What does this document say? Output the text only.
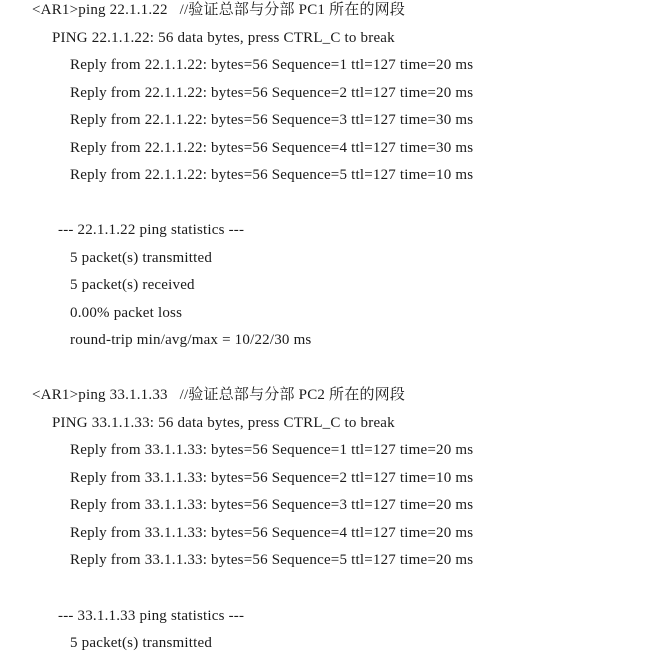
<AR1>ping 22.1.1.22   //验证总部与分部 PC1 所在的网段
PING 22.1.1.22: 56 data bytes, press CTRL_C to break
Reply from 22.1.1.22: bytes=56 Sequence=1 ttl=127 time=20 ms
Reply from 22.1.1.22: bytes=56 Sequence=2 ttl=127 time=20 ms
Reply from 22.1.1.22: bytes=56 Sequence=3 ttl=127 time=30 ms
Reply from 22.1.1.22: bytes=56 Sequence=4 ttl=127 time=30 ms
Reply from 22.1.1.22: bytes=56 Sequence=5 ttl=127 time=10 ms
--- 22.1.1.22 ping statistics ---
5 packet(s) transmitted
5 packet(s) received
0.00% packet loss
round-trip min/avg/max = 10/22/30 ms
<AR1>ping 33.1.1.33   //验证总部与分部 PC2 所在的网段
PING 33.1.1.33: 56 data bytes, press CTRL_C to break
Reply from 33.1.1.33: bytes=56 Sequence=1 ttl=127 time=20 ms
Reply from 33.1.1.33: bytes=56 Sequence=2 ttl=127 time=10 ms
Reply from 33.1.1.33: bytes=56 Sequence=3 ttl=127 time=20 ms
Reply from 33.1.1.33: bytes=56 Sequence=4 ttl=127 time=20 ms
Reply from 33.1.1.33: bytes=56 Sequence=5 ttl=127 time=20 ms
--- 33.1.1.33 ping statistics ---
5 packet(s) transmitted
